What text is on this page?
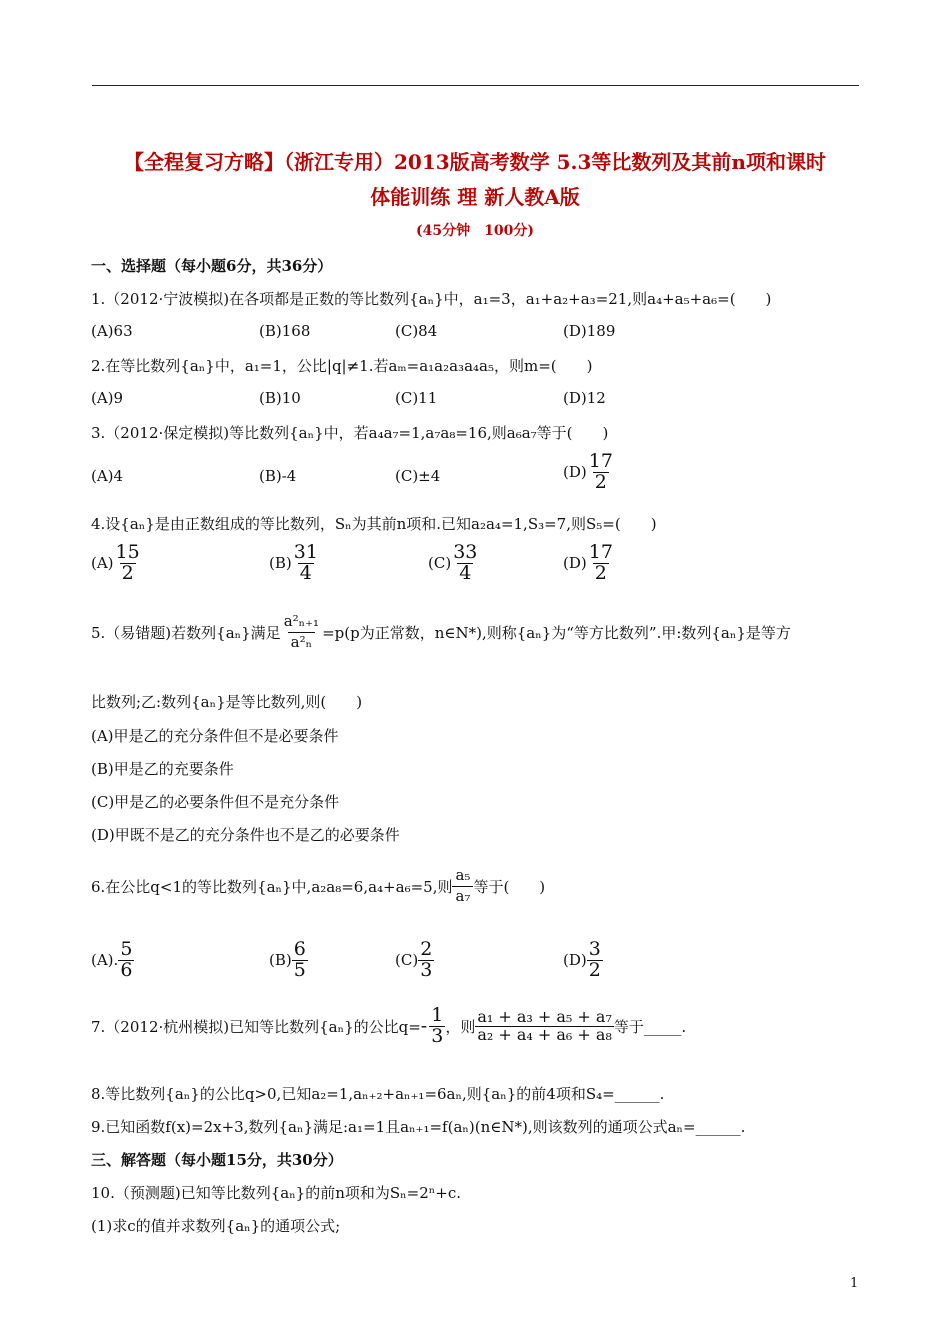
【全程复习方略】（浙江专用）2013版高考数学 5.3等比数列及其前n项和课时
体能训练 理 新人教A版
(45分钟　100分)
一、选择题（每小题6分，共36分）
1.（2012·宁波模拟)在各项都是正数的等比数列{aₙ}中，a₁=3，a₁+a₂+a₃=21,则a₄+a₅+a₆=(　　)
(A)63	(B)168	(C)84	(D)189
2.在等比数列{aₙ}中，a₁=1，公比|q|≠1.若aₘ=a₁a₂a₃a₄a₅，则m=(　　)
(A)9	(B)10	(C)11	(D)12
3.（2012·保定模拟)等比数列{aₙ}中，若a₄a₇=1,a₇a₈=16,则a₆a₇等于(　　)
(A)4	(B)-4	(C)±4	$(D) \frac{17}{2}$
4.设{aₙ}是由正数组成的等比数列，Sₙ为其前n项和.已知a₂a₄=1,S₃=7,则S₅=(　　)
$(A) \frac{15}{2}$	$(B) \frac{31}{4}$	$(C) \frac{33}{4}$	$(D) \frac{17}{2}$
5.（易错题)若数列{aₙ}满足 $\frac{\text{a²ₙ₊₁}}{\text{a²ₙ}} =p(p$为正常数，n∈N*),则称{aₙ}为“等方比数列”.甲:数列{aₙ}是等方
比数列;乙:数列{aₙ}是等比数列,则(　　)
(A)甲是乙的充分条件但不是必要条件
(B)甲是乙的充要条件
(C)甲是乙的必要条件但不是充分条件
(D)甲既不是乙的充分条件也不是乙的必要条件
6.在公比q<1的等比数列{aₙ}中,a₂a₈=6,a₄+a₆=5,则 $\frac{\text{a₅}}{\text{a₇}}$ 等于(　　)
(A). $\frac{5}{6}$	$(B) \frac{6}{5}$	$(C) \frac{2}{3}$	$(D) \frac{3}{2}$
7.（2012·杭州模拟)已知等比数列{aₙ}的公比$q= - \frac{1}{3}$ ，则 $\frac{\text{a₁ + a₃ + a₅ + a₇}}{\text{a₂ + a₄ + a₆ + a₈}}$ 等于_____.
8.等比数列{aₙ}的公比q>0,已知a₂=1,aₙ₊₂+aₙ₊₁=6aₙ,则{aₙ}的前4项和S₄=______.
9.已知函数f(x)=2x+3,数列{aₙ}满足:a₁=1且aₙ₊₁=f(aₙ)(n∈N*),则该数列的通项公式aₙ=______.
三、解答题（每小题15分，共30分）
10.（预测题)已知等比数列{aₙ}的前n项和为Sₙ=2ⁿ+c.
(1)求c的值并求数列{aₙ}的通项公式;
1
